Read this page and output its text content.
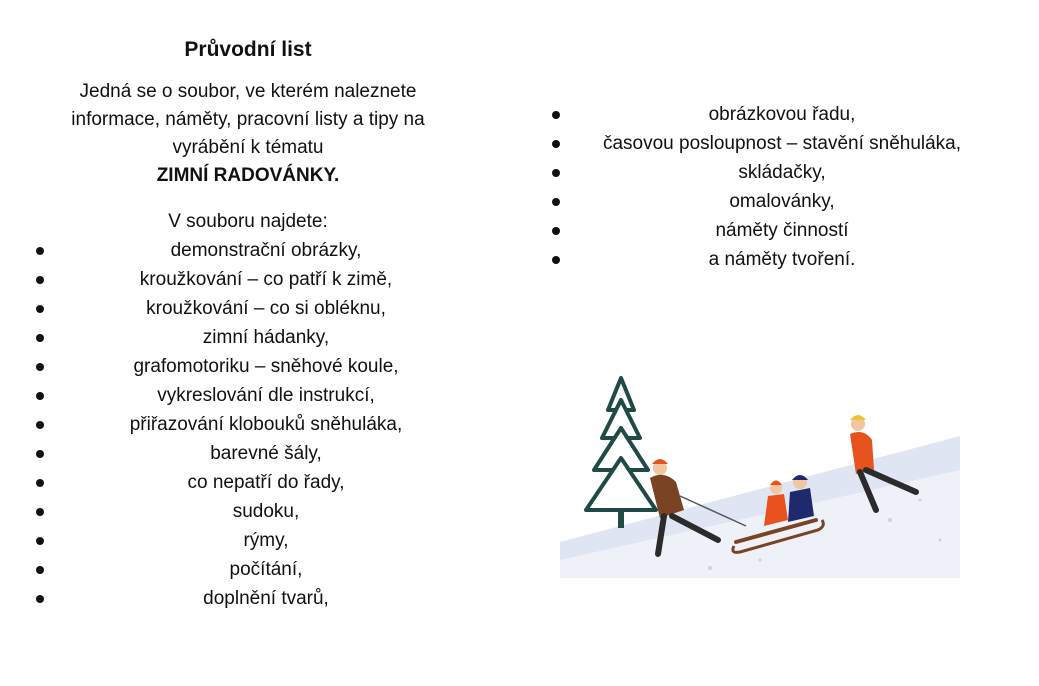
Průvodní list
Jedná se o soubor, ve kterém naleznete
informace, náměty, pracovní listy a tipy na
vyrábění k tématu
ZIMNÍ RADOVÁNKY.
V souboru najdete:
demonstrační obrázky,
kroužkování – co patří k zimě,
kroužkování – co si obléknu,
zimní hádanky,
grafomotoriku – sněhové koule,
vykreslování dle instrukcí,
přiřazování klobouků sněhuláka,
barevné šály,
co nepatří do řady,
sudoku,
rýmy,
počítání,
doplnění tvarů,
obrázkovou řadu,
časovou posloupnost – stavění sněhuláka,
skládačky,
omalovánky,
náměty činností
a náměty tvoření.
